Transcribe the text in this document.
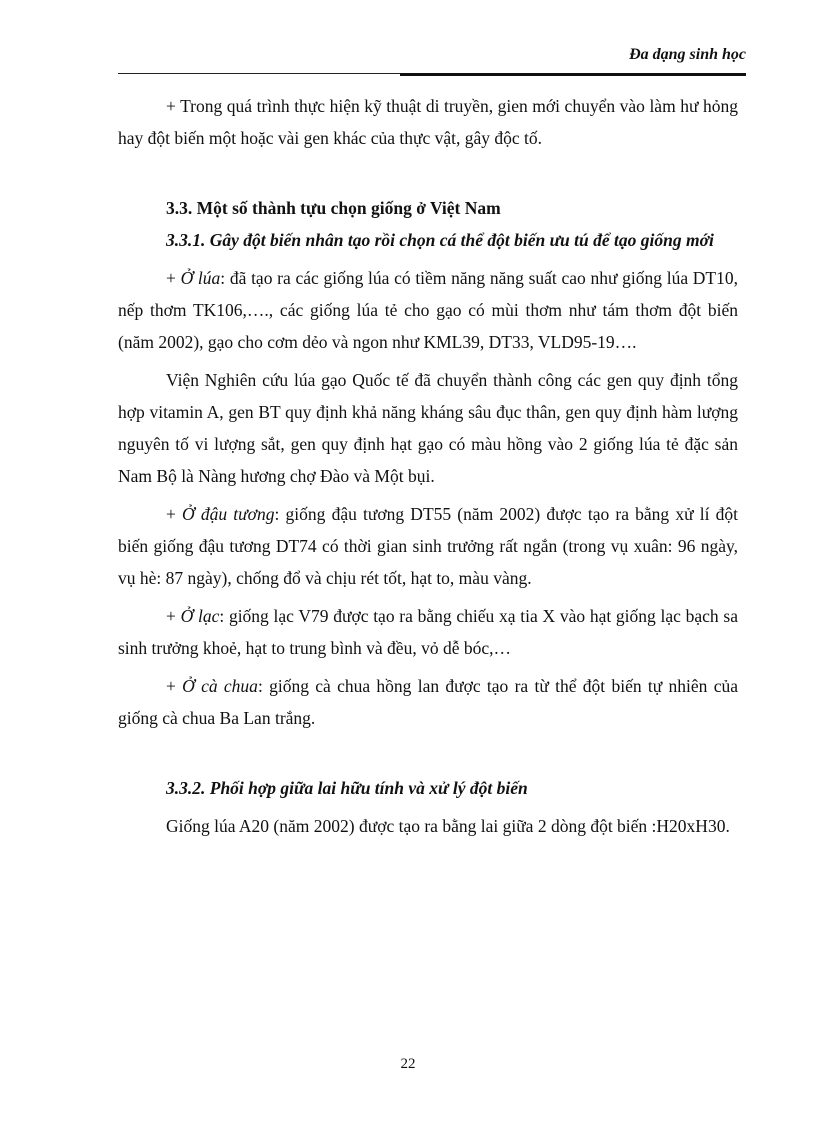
Đa dạng sinh học

+ Trong quá trình thực hiện kỹ thuật di truyền, gien mới chuyển vào làm hư hỏng hay đột biến một hoặc vài gen khác của thực vật, gây độc tố.

3.3. Một số thành tựu chọn giống ở Việt Nam

3.3.1. Gây đột biến nhân tạo rồi chọn cá thể đột biến ưu tú để tạo giống mới

+ Ở lúa: đã tạo ra các giống lúa có tiềm năng năng suất cao như giống lúa DT10, nếp thơm TK106,…., các giống lúa tẻ cho gạo có mùi thơm như tám thơm đột biến (năm 2002), gạo cho cơm dẻo và ngon như KML39, DT33, VLD95-19….

Viện Nghiên cứu lúa gạo Quốc tế đã chuyển thành công các gen quy định tổng hợp vitamin A, gen BT quy định khả năng kháng sâu đục thân, gen quy định hàm lượng nguyên tố vi lượng sắt, gen quy định hạt gạo có màu hồng vào 2 giống lúa tẻ đặc sản Nam Bộ là Nàng hương chợ Đào và Một bụi.

+ Ở đậu tương: giống đậu tương DT55 (năm 2002) được tạo ra bằng xử lí đột biến giống đậu tương DT74 có thời gian sinh trưởng rất ngắn (trong vụ xuân: 96 ngày, vụ hè: 87 ngày), chống đổ và chịu rét tốt, hạt to, màu vàng.

+ Ở lạc: giống lạc V79 được tạo ra bằng chiếu xạ tia X vào hạt giống lạc bạch sa sinh trưởng khoẻ, hạt to trung bình và đều, vỏ dễ bóc,…

+ Ở cà chua: giống cà chua hồng lan được tạo ra từ thể đột biến tự nhiên của giống cà chua Ba Lan trắng.

3.3.2. Phối hợp giữa lai hữu tính và xử lý đột biến

Giống lúa A20 (năm 2002) được tạo ra bằng lai giữa 2 dòng đột biến :H20xH30.

22
